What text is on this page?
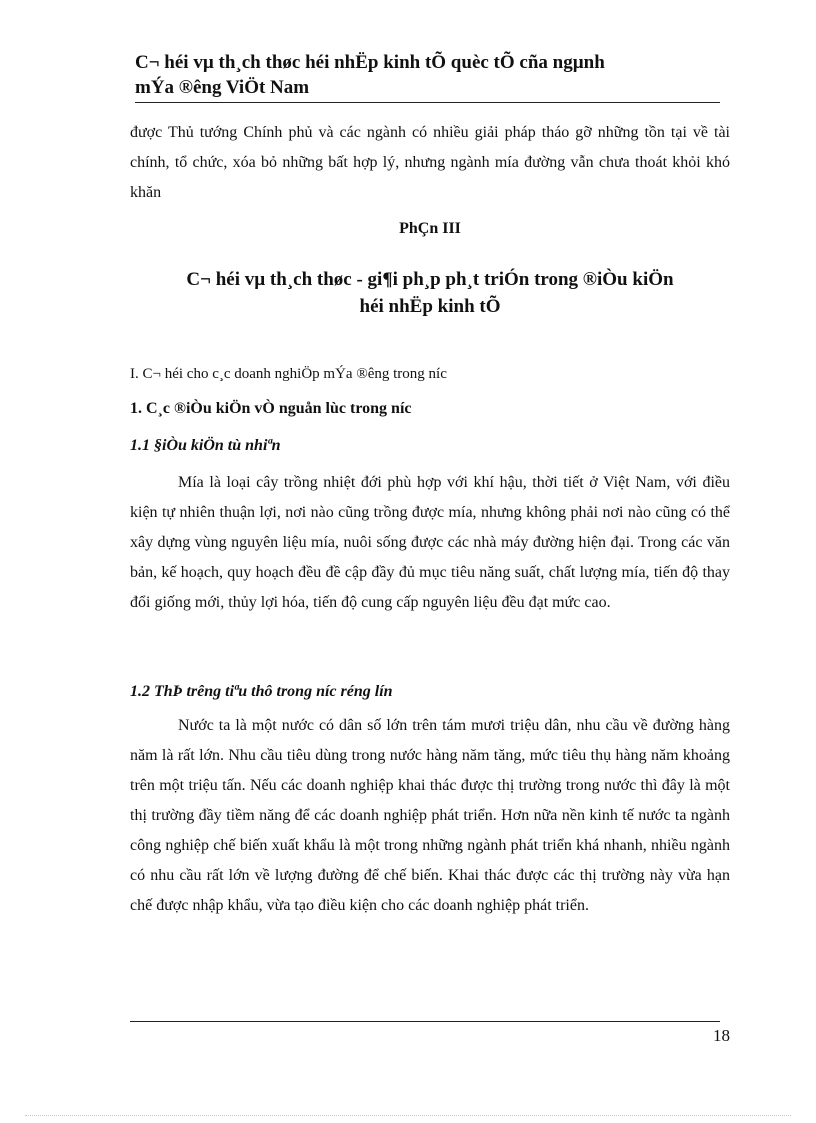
C¬ héi vµ th¸ch thøc héi nhËp kinh tÕ quèc tÕ cña ngµnh
mÝa ®êng ViÖt Nam

được Thủ tướng Chính phủ và các ngành có nhiều giải pháp tháo gỡ những tồn tại về tài chính, tổ chức, xóa bỏ những bất hợp lý, nhưng ngành mía đường vẫn chưa thoát khỏi khó khăn

PhÇn III
C¬ héi vµ th¸ch thøc - gi¶i ph¸p ph¸t triÓn trong ®iÒu kiÖn
héi nhËp kinh tÕ
I. C¬ héi cho c¸c doanh nghiÖp mÝa ®êng trong níc
1. C¸c ®iÒu kiÖn vÒ nguån lùc trong níc
1.1 §iÒu kiÖn tù nhiªn

Mía là loại cây trồng nhiệt đới phù hợp với khí hậu, thời tiết ở Việt Nam, với điều kiện tự nhiên thuận lợi, nơi nào cũng trồng được mía, nhưng không phải nơi nào cũng có thể xây dựng vùng nguyên liệu mía, nuôi sống được các nhà máy đường hiện đại. Trong các văn bản, kế hoạch, quy hoạch đều đề cập đầy đủ mục tiêu năng suất, chất lượng mía, tiến độ thay đổi giống mới, thủy lợi hóa, tiến độ cung cấp nguyên liệu đều đạt mức cao.

1.2 ThÞ trêng tiªu thô trong níc réng lín

Nước ta là một nước có dân số lớn trên tám mươi triệu dân, nhu cầu về đường hàng năm là rất lớn. Nhu cầu tiêu dùng trong nước hàng năm tăng, mức tiêu thụ hàng năm khoảng trên một triệu tấn. Nếu các doanh nghiệp khai thác được thị trường trong nước thì đây là một thị trường đầy tiềm năng để các doanh nghiệp phát triển. Hơn nữa nền kinh tế nước ta ngành công nghiệp chế biến xuất khẩu là một trong những ngành phát triển khá nhanh, nhiều ngành có nhu cầu rất lớn về lượng đường để chế biến. Khai thác được các thị trường này vừa hạn chế được nhập khẩu, vừa tạo điều kiện cho các doanh nghiệp phát triển.

18
